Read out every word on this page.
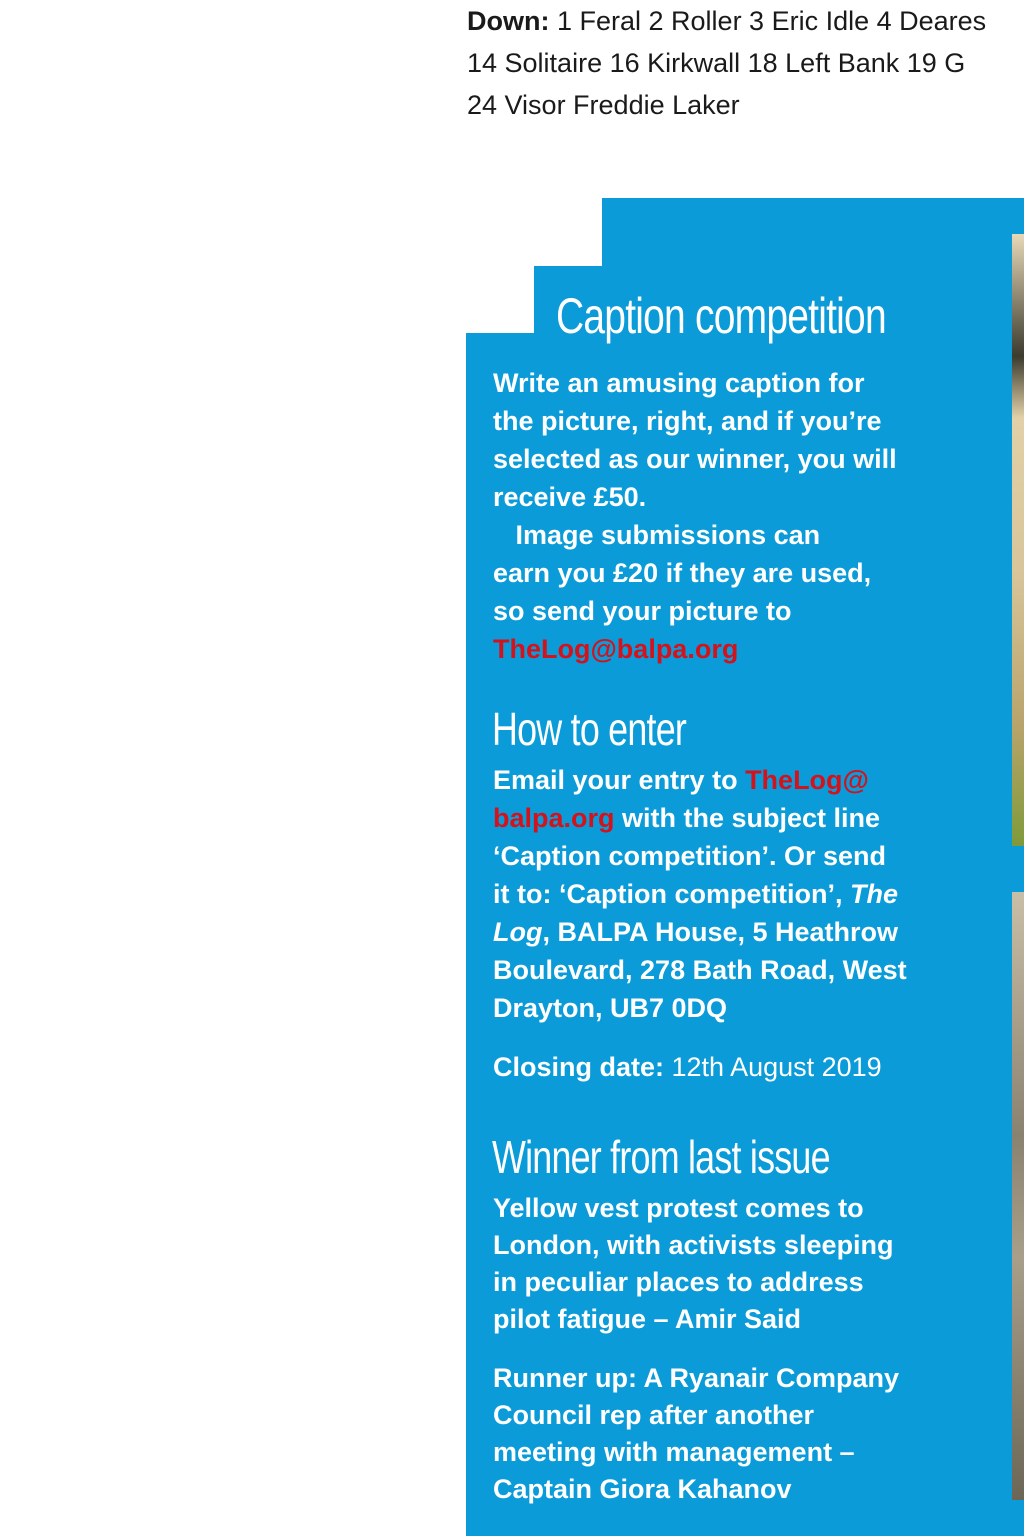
Down: 1 Feral 2 Roller 3 Eric Idle 4 Deares
14 Solitaire 16 Kirkwall 18 Left Bank 19 G
24 Visor Freddie Laker
Caption competition
Write an amusing caption for
the picture, right, and if you’re
selected as our winner, you will
receive £50.
Image submissions can
earn you £20 if they are used,
so send your picture to
TheLog@balpa.org
How to enter
Email your entry to TheLog@
balpa.org with the subject line
‘Caption competition’. Or send
it to: ‘Caption competition’, The
Log, BALPA House, 5 Heathrow
Boulevard, 278 Bath Road, West
Drayton, UB7 0DQ
Closing date: 12th August 2019
Winner from last issue
Yellow vest protest comes to
London, with activists sleeping
in peculiar places to address
pilot fatigue – Amir Said
Runner up: A Ryanair Company
Council rep after another
meeting with management –
Captain Giora Kahanov
